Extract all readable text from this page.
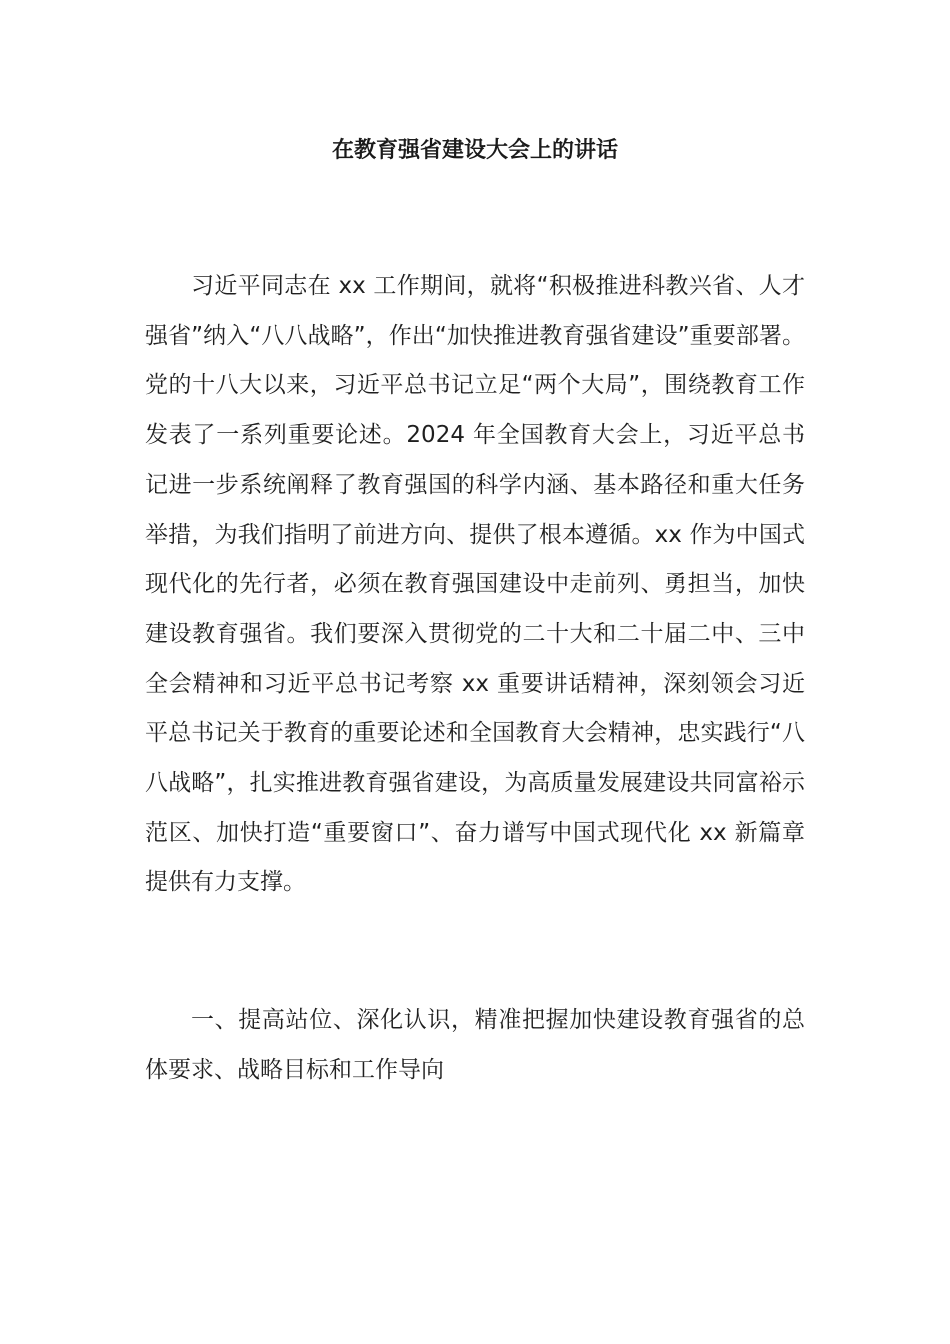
在教育强省建设大会上的讲话

习近平同志在 xx 工作期间，就将“积极推进科教兴省、人才强省”纳入“八八战略”，作出“加快推进教育强省建设”重要部署。党的十八大以来，习近平总书记立足“两个大局”，围绕教育工作发表了一系列重要论述。2024 年全国教育大会上，习近平总书记进一步系统阐释了教育强国的科学内涵、基本路径和重大任务举措，为我们指明了前进方向、提供了根本遵循。xx 作为中国式现代化的先行者，必须在教育强国建设中走前列、勇担当，加快建设教育强省。我们要深入贯彻党的二十大和二十届二中、三中全会精神和习近平总书记考察 xx 重要讲话精神，深刻领会习近平总书记关于教育的重要论述和全国教育大会精神，忠实践行“八八战略”，扎实推进教育强省建设，为高质量发展建设共同富裕示范区、加快打造“重要窗口”、奋力谱写中国式现代化 xx 新篇章提供有力支撑。

一、提高站位、深化认识，精准把握加快建设教育强省的总体要求、战略目标和工作导向
